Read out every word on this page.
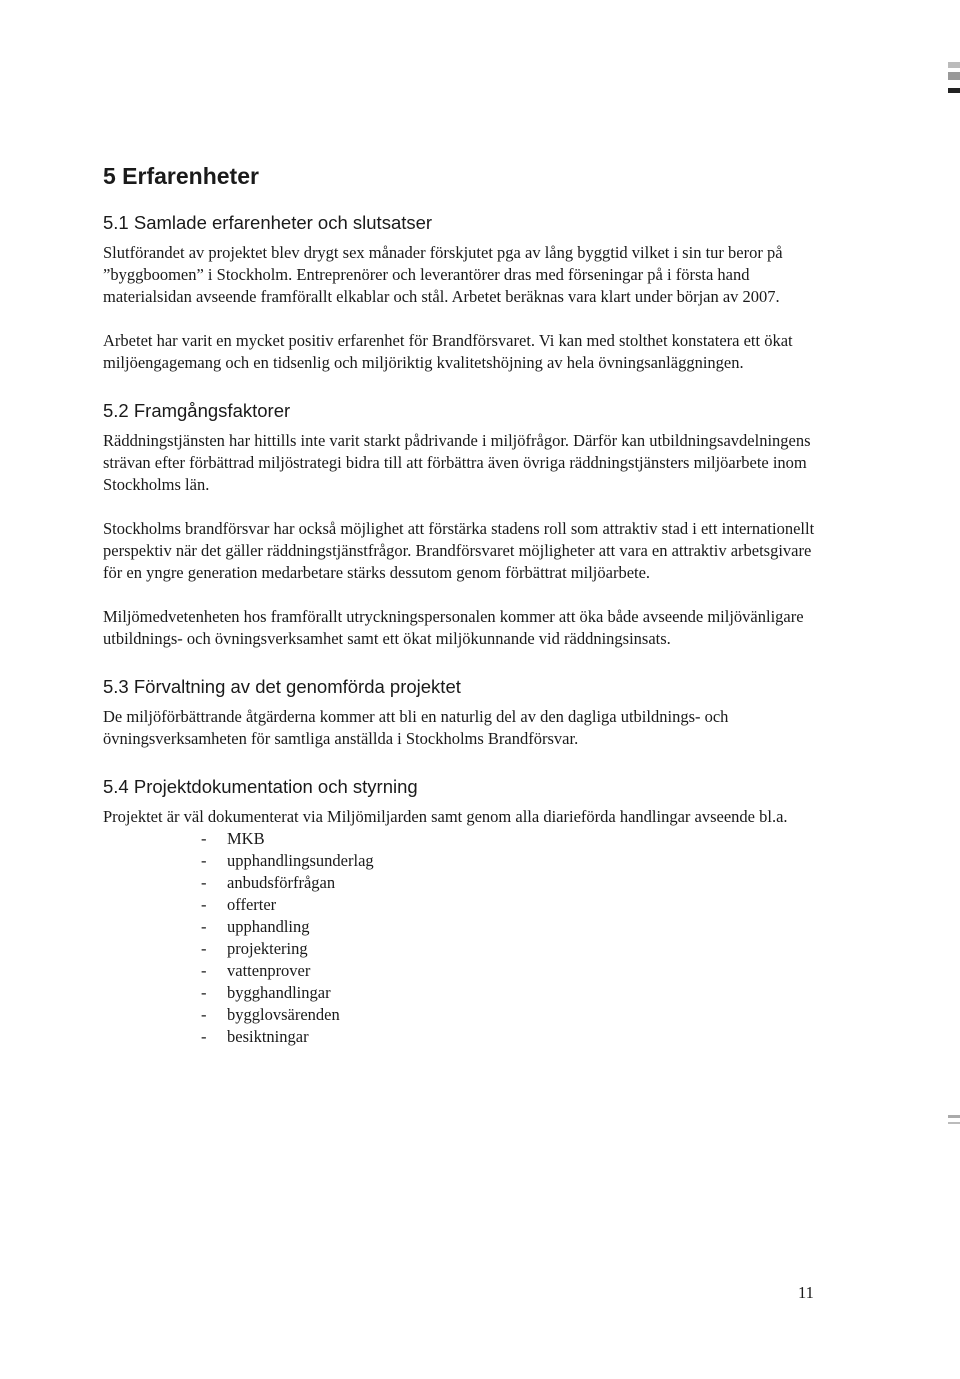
5 Erfarenheter
5.1 Samlade erfarenheter och slutsatser

Slutförandet av projektet blev drygt sex månader förskjutet pga av lång byggtid vilket i sin tur beror på ”byggboomen” i Stockholm. Entreprenörer och leverantörer dras med förseningar på i första hand materialsidan avseende framförallt elkablar och stål. Arbetet beräknas vara klart under början av 2007.

Arbetet har varit en mycket positiv erfarenhet för Brandförsvaret. Vi kan med stolthet konstatera ett ökat miljöengagemang och en tidsenlig och miljöriktig kvalitetshöjning av hela övningsanläggningen.

5.2 Framgångsfaktorer

Räddningstjänsten har hittills inte varit starkt pådrivande i miljöfrågor. Därför kan utbildningsavdelningens strävan efter förbättrad miljöstrategi bidra till att förbättra även övriga räddningstjänsters miljöarbete inom Stockholms län.

Stockholms brandförsvar har också möjlighet att förstärka stadens roll som attraktiv stad i ett internationellt perspektiv när det gäller räddningstjänstfrågor. Brandförsvaret möjligheter att vara en attraktiv arbetsgivare för en yngre generation medarbetare stärks dessutom genom förbättrat miljöarbete.

Miljömedvetenheten hos framförallt utryckningspersonalen kommer att öka både avseende miljövänligare utbildnings- och övningsverksamhet samt ett ökat miljökunnande vid räddningsinsats.

5.3 Förvaltning av det genomförda projektet

De miljöförbättrande åtgärderna kommer att bli en naturlig del av den dagliga utbildnings- och övningsverksamheten för samtliga anställda i Stockholms Brandförsvar.

5.4 Projektdokumentation och styrning

Projektet är väl dokumenterat via Miljömiljarden samt genom alla diarieförda handlingar avseende bl.a.

- MKB
- upphandlingsunderlag
- anbudsförfrågan
- offerter
- upphandling
- projektering
- vattenprover
- bygghandlingar
- bygglovsärenden
- besiktningar
11
